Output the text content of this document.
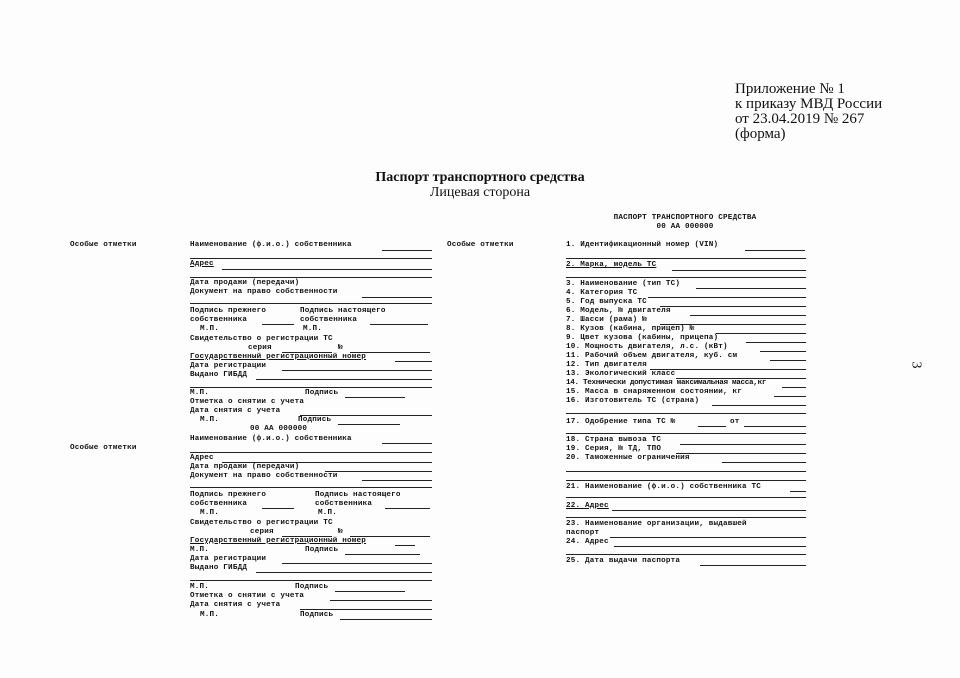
Приложение № 1
к приказу МВД России
от 23.04.2019 № 267
(форма)
Паспорт транспортного средства
Лицевая сторона
3
Особые отметки
Особые отметки
Наименование (ф.и.о.) собственника
Адрес
Дата продажи (передачи)
Документ на право собственности
Подпись прежнего	Подпись настоящего
собственника	собственника
М.П.	М.П.
Свидетельство о регистрации ТС
серия	№
Государственный регистрационный номер
Дата регистрации
Выдано ГИБДД
М.П.	Подпись
Отметка о снятии с учета
Дата снятия с учета
М.П.	Подпись
00 АА 000000
Наименование (ф.и.о.) собственника
Адрес
Дата продажи (передачи)
Документ на право собственности
Подпись прежнего	Подпись настоящего
собственника	собственника
М.П.	М.П.
Свидетельство о регистрации ТС
серия	№
Государственный регистрационный номер
М.П.	Подпись
Дата регистрации
Выдано ГИБДД
М.П.	Подпись
Отметка о снятии с учета
Дата снятия с учета
М.П.	Подпись
Особые отметки
ПАСПОРТ ТРАНСПОРТНОГО СРЕДСТВА
00 АА 000000
1. Идентификационный номер (VIN)
2. Марка, модель ТС
3. Наименование (тип ТС)
4. Категория ТС
5. Год выпуска ТС
6. Модель, № двигателя
7. Шасси (рама) №
8. Кузов (кабина, прицеп) №
9. Цвет кузова (кабины, прицепа)
10. Мощность двигателя, л.с. (кВт)
11. Рабочий объем двигателя, куб. см
12. Тип двигателя
13. Экологический класс
14. Технически допустимая максимальная масса,кг
15. Масса в снаряженном состоянии, кг
16. Изготовитель ТС (страна)
17. Одобрение типа ТС №	от
18. Страна вывоза ТС
19. Серия, № ТД, ТПО
20. Таможенные ограничения
21. Наименование (ф.и.о.) собственника ТС
22. Адрес
23. Наименование организации, выдавшей
паспорт
24. Адрес
25. Дата выдачи паспорта
